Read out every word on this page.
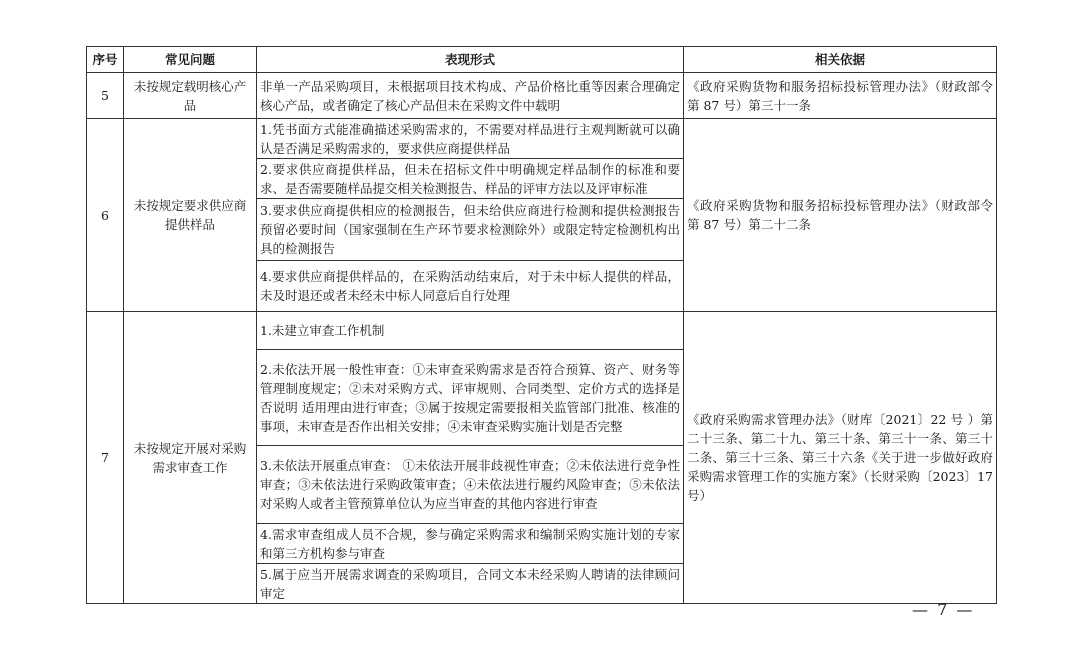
序号	常见问题	表现形式	相关依据
5	未按规定载明核心产品	非单一产品采购项目，未根据项目技术构成、产品价格比重等因素合理确定核心产品，或者确定了核心产品但未在采购文件中载明	《政府采购货物和服务招标投标管理办法》（财政部令第 87 号）第三十一条
6	未按规定要求供应商提供样品	1.凭书面方式能准确描述采购需求的，不需要对样品进行主观判断就可以确认是否满足采购需求的，要求供应商提供样品	《政府采购货物和服务招标投标管理办法》（财政部令第 87 号）第二十二条
		2.要求供应商提供样品，但未在招标文件中明确规定样品制作的标准和要求、是否需要随样品提交相关检测报告、样品的评审方法以及评审标准	
		3.要求供应商提供相应的检测报告，但未给供应商进行检测和提供检测报告预留必要时间（国家强制在生产环节要求检测除外）或限定特定检测机构出具的检测报告	
		4.要求供应商提供样品的，在采购活动结束后，对于未中标人提供的样品，未及时退还或者未经未中标人同意后自行处理	
7	未按规定开展对采购需求审查工作	1.未建立审查工作机制	《政府采购需求管理办法》（财库〔2021〕22 号 ）第二十三条、第二十九、第三十条、第三十一条、第三十二条、第三十三条、第三十六条《关于进一步做好政府采购需求管理工作的实施方案》（长财采购〔2023〕17 号）
		2.未依法开展一般性审查：①未审查采购需求是否符合预算、资产、财务等管理制度规定；②未对采购方式、评审规则、合同类型、定价方式的选择是否说明 适用理由进行审查；③属于按规定需要报相关监管部门批准、核准的事项，未审查是否作出相关安排；④未审查采购实施计划是否完整	
		3.未依法开展重点审查： ①未依法开展非歧视性审查；②未依法进行竞争性审查；③未依法进行采购政策审查；④未依法进行履约风险审查；⑤未依法对采购人或者主管预算单位认为应当审查的其他内容进行审查	
		4.需求审查组成人员不合规，参与确定采购需求和编制采购实施计划的专家和第三方机构参与审查	
		5.属于应当开展需求调查的采购项目，合同文本未经采购人聘请的法律顾问审定	
— 7 —
